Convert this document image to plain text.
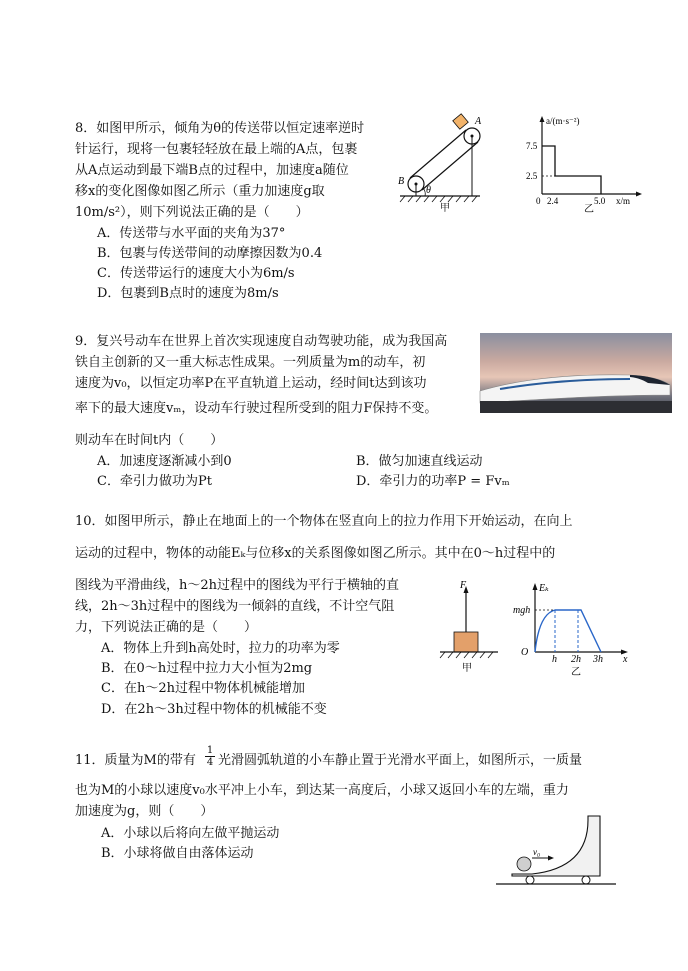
8．如图甲所示，倾角为θ的传送带以恒定速率逆时
针运行，现将一包裹轻轻放在最上端的A点，包裹
从A点运动到最下端B点的过程中，加速度a随位
移x的变化图像如图乙所示（重力加速度g取
10m/s²），则下列说法正确的是（　　）
A．传送带与水平面的夹角为37°
B．包裹与传送带间的动摩擦因数为0.4
C．传送带运行的速度大小为6m/s
D．包裹到B点时的速度为8m/s
A
B
θ
甲
a/(m·s⁻²)
7.5
2.5
0 2.4	5.0 x/m
乙
9．复兴号动车在世界上首次实现速度自动驾驶功能，成为我国高
铁自主创新的又一重大标志性成果。一列质量为m的动车，初
速度为v₀，以恒定功率P在平直轨道上运动，经时间t达到该功
率下的最大速度vₘ，设动车行驶过程所受到的阻力F保持不变。
则动车在时间t内（　　）
A．加速度逐渐减小到0	B．做匀加速直线运动
C．牵引力做功为Pt	D．牵引力的功率P = Fvₘ
10．如图甲所示，静止在地面上的一个物体在竖直向上的拉力作用下开始运动，在向上
运动的过程中，物体的动能Eₖ与位移x的关系图像如图乙所示。其中在0～h过程中的
图线为平滑曲线，h～2h过程中的图线为平行于横轴的直
线，2h～3h过程中的图线为一倾斜的直线，不计空气阻
力，下列说法正确的是（　　）
A．物体上升到h高处时，拉力的功率为零
B．在0～h过程中拉力大小恒为2mg
C．在h～2h过程中物体机械能增加
D．在2h～3h过程中物体的机械能不变
F
甲
Eₖ
mgh
O
h 2h 3h x
乙
11．质量为M的带有 $\frac{1}{4}$ 光滑圆弧轨道的小车静止置于光滑水平面上，如图所示，一质量
也为M的小球以速度v₀水平冲上小车，到达某一高度后，小球又返回小车的左端，重力
加速度为g，则（　　）
A．小球以后将向左做平抛运动
B．小球将做自由落体运动	v₀
